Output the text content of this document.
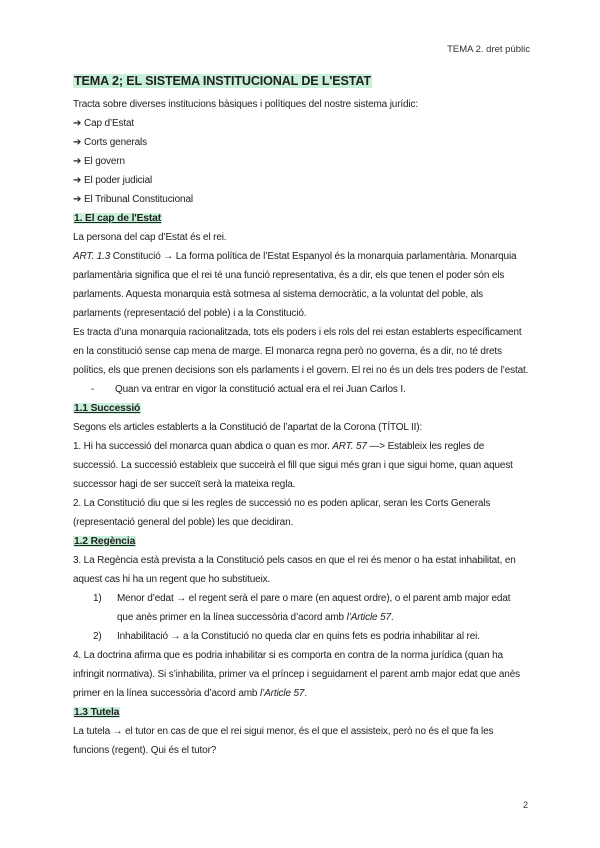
TEMA 2. dret públic
TEMA 2; EL SISTEMA INSTITUCIONAL DE L'ESTAT

Tracta sobre diverses institucions bàsiques i polítiques del nostre sistema jurídic:

➔ Cap d’Estat
➔ Corts generals
➔ El govern
➔ El poder judicial
➔ El Tribunal Constitucional
1. El cap de l'Estat

La persona del cap d’Estat és el rei.

ART. 1.3 Constitució → La forma política de l’Estat Espanyol és la monarquia parlamentària. Monarquia parlamentària significa que el rei té una funció representativa, és a dir, els que tenen el poder són els parlaments. Aquesta monarquia està sotmesa al sistema democràtic, a la voluntat del poble, als parlaments (representació del poble) i a la Constitució.

Es tracta d’una monarquia racionalitzada, tots els poders i els rols del rei estan establerts específicament en la constitució sense cap mena de marge. El monarca regna però no governa, és a dir, no té drets polítics, els que prenen decisions son els parlaments i el govern. El rei no és un dels tres poders de l’estat.

-	Quan va entrar en vigor la constitució actual era el rei Juan Carlos I.
1.1 Successió

Segons els articles establerts a la Constitució de l’apartat de la Corona (TÍTOL II):

1. Hi ha successió del monarca quan abdica o quan es mor. ART. 57 —> Estableix les regles de successió. La successió estableix que succeirà el fill que sigui més gran i que sigui home, quan aquest successor hagi de ser succeït serà la mateixa regla.

2. La Constitució diu que si les regles de successió no es poden aplicar, seran les Corts Generals (representació general del poble) les que decidiran.

1.2 Regència

3. La Regència està prevista a la Constitució pels casos en que el rei és menor o ha estat inhabilitat, en aquest cas hi ha un regent que ho substitueix.

1)	Menor d’edat → el regent serà el pare o mare (en aquest ordre), o el parent amb major edat que anès primer en la línea successòria d’acord amb l’Article 57.
2)	Inhabilitació → a la Constitució no queda clar en quins fets es podria inhabilitar al rei.

4. La doctrina afirma que es podria inhabilitar si es comporta en contra de la norma jurídica (quan ha infringit normativa). Si s’inhabilita, primer va el príncep i seguidament el parent amb major edat que anès primer en la línea successòria d’acord amb l’Article 57.

1.3 Tutela

La tutela → el tutor en cas de que el rei sigui menor, és el que el assisteix, però no és el que fa les funcions (regent). Qui és el tutor?

2
